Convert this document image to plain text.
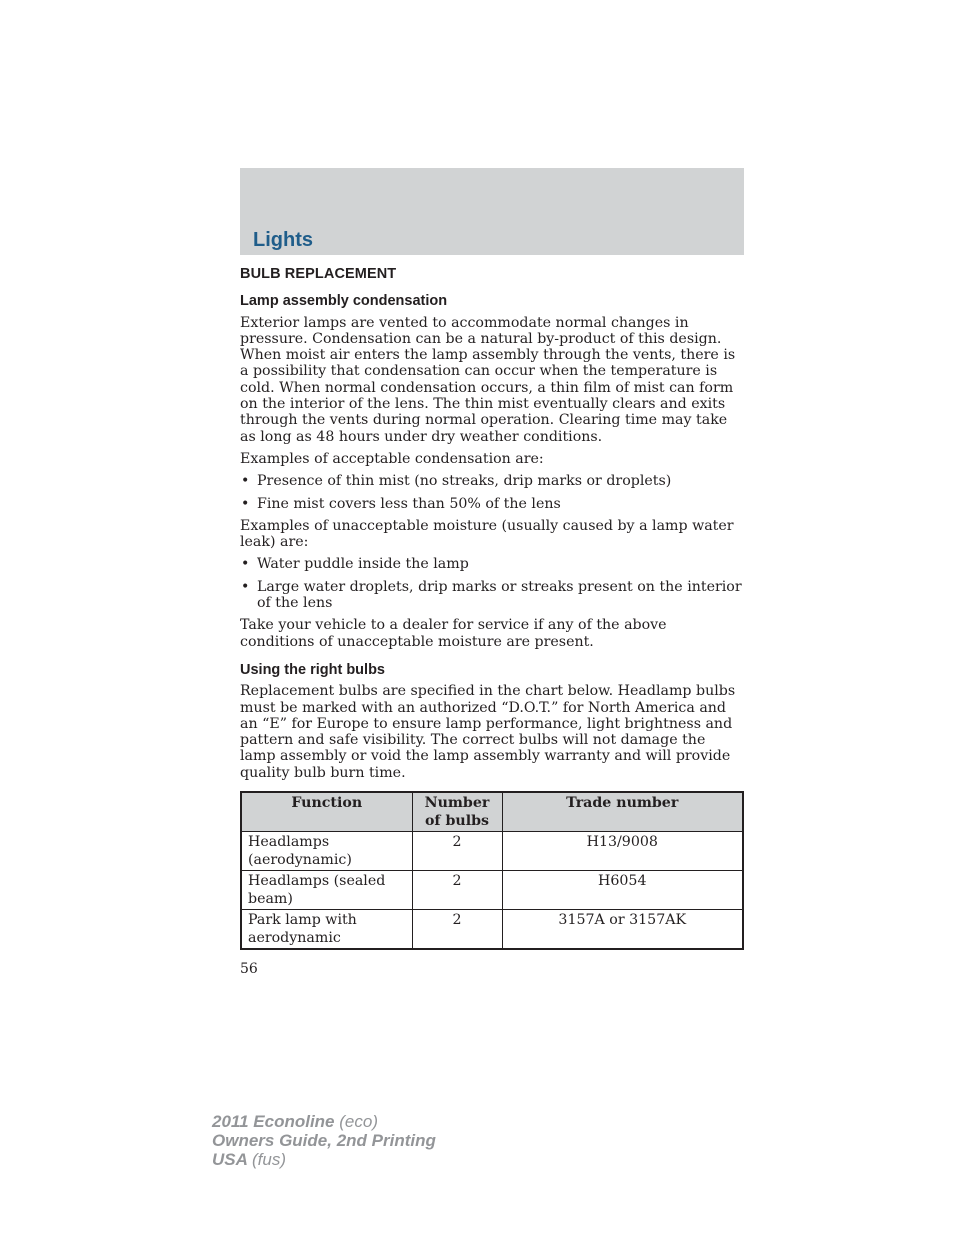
Lights
BULB REPLACEMENT
Lamp assembly condensation

Exterior lamps are vented to accommodate normal changes in pressure. Condensation can be a natural by-product of this design. When moist air enters the lamp assembly through the vents, there is a possibility that condensation can occur when the temperature is cold. When normal condensation occurs, a thin film of mist can form on the interior of the lens. The thin mist eventually clears and exits through the vents during normal operation. Clearing time may take as long as 48 hours under dry weather conditions.

Examples of acceptable condensation are:

• Presence of thin mist (no streaks, drip marks or droplets)
• Fine mist covers less than 50% of the lens

Examples of unacceptable moisture (usually caused by a lamp water leak) are:

• Water puddle inside the lamp
• Large water droplets, drip marks or streaks present on the interior of the lens

Take your vehicle to a dealer for service if any of the above conditions of unacceptable moisture are present.

Using the right bulbs

Replacement bulbs are specified in the chart below. Headlamp bulbs must be marked with an authorized “D.O.T.” for North America and an “E” for Europe to ensure lamp performance, light brightness and pattern and safe visibility. The correct bulbs will not damage the lamp assembly or void the lamp assembly warranty and will provide quality bulb burn time.

Function	Number of bulbs	Trade number
Headlamps (aerodynamic)	2	H13/9008
Headlamps (sealed beam)	2	H6054
Park lamp with aerodynamic	2	3157A or 3157AK
56
2011 Econoline (eco)
Owners Guide, 2nd Printing
USA (fus)
